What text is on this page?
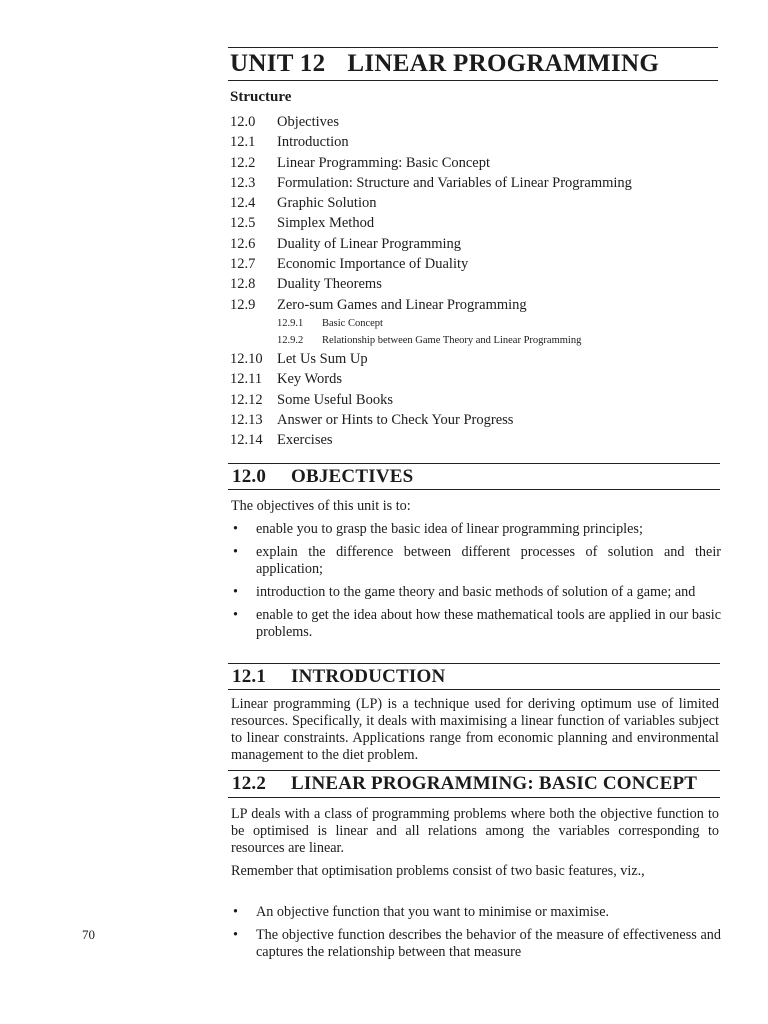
UNIT 12 LINEAR PROGRAMMING
Structure
12.0	Objectives
12.1	Introduction
12.2	Linear Programming: Basic Concept
12.3	Formulation: Structure and Variables of Linear Programming
12.4	Graphic Solution
12.5	Simplex Method
12.6	Duality of Linear Programming
12.7	Economic Importance of Duality
12.8	Duality Theorems
12.9	Zero-sum Games and Linear Programming
12.9.1	Basic Concept
12.9.2	Relationship between Game Theory and Linear Programming
12.10 Let Us Sum Up
12.11	Key Words
12.12 Some Useful Books
12.13 Answer or Hints to Check Your Progress
12.14 Exercises
12.0 OBJECTIVES

The objectives of this unit is to:

• enable you to grasp the basic idea of linear programming principles;
• explain the difference between different processes of solution and their application;
• introduction to the game theory and basic methods of solution of a game; and
• enable to get the idea about how these mathematical tools are applied in our basic problems.
12.1 INTRODUCTION

Linear programming (LP) is a technique used for deriving optimum use of limited resources. Specifically, it deals with maximising a linear function of variables subject to linear constraints. Applications range from economic planning and environmental management to the diet problem.

12.2 LINEAR PROGRAMMING: BASIC CONCEPT

LP deals with a class of programming problems where both the objective function to be optimised is linear and all relations among the variables corresponding to resources are linear.

Remember that optimisation problems consist of two basic features, viz.,

• An objective function that you want to minimise or maximise.
• The objective function describes the behavior of the measure of effectiveness and captures the relationship between that measure

70
